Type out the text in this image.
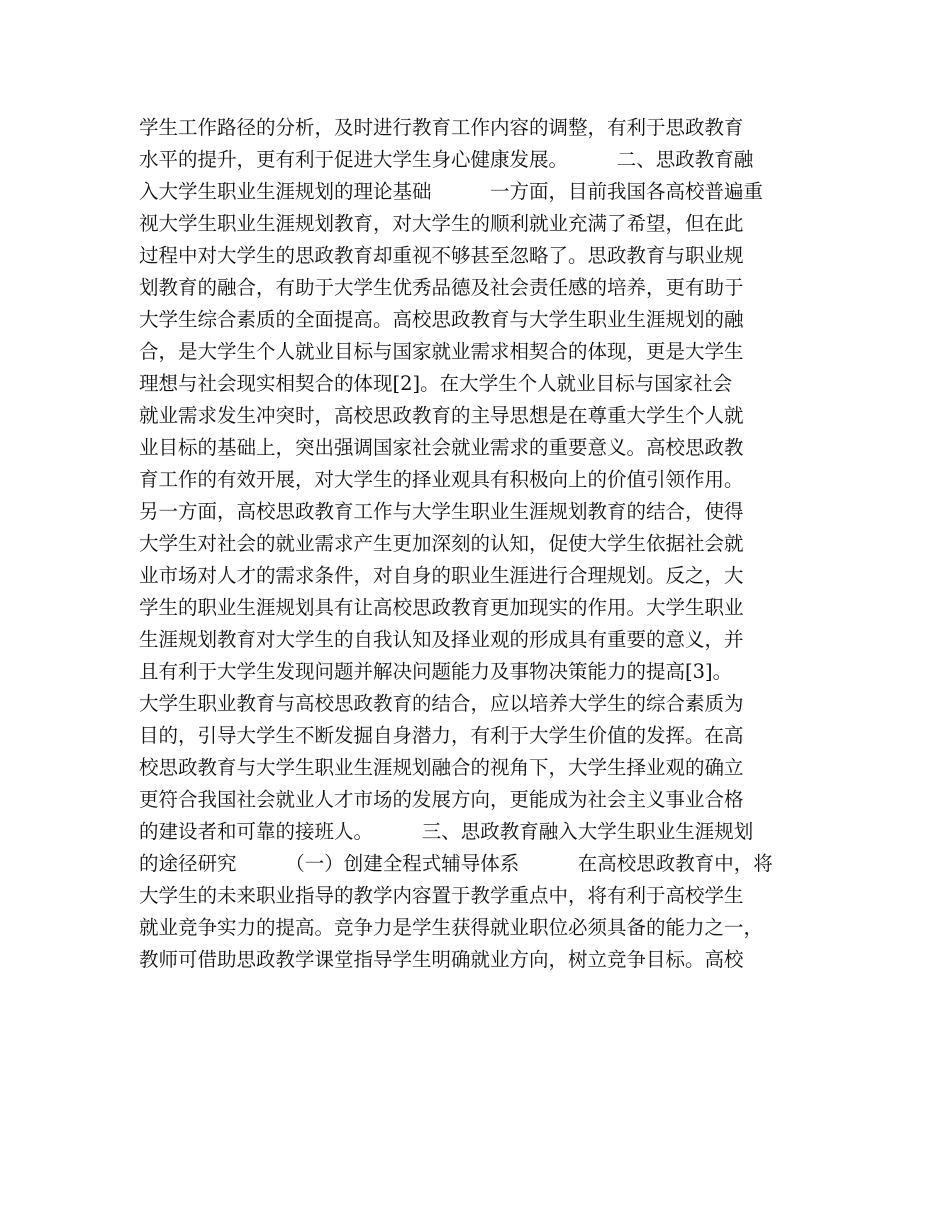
学生工作路径的分析，及时进行教育工作内容的调整，有利于思政教育
水平的提升，更有利于促进大学生身心健康发展。　　　二、思政教育融
入大学生职业生涯规划的理论基础　　　一方面，目前我国各高校普遍重
视大学生职业生涯规划教育，对大学生的顺利就业充满了希望，但在此
过程中对大学生的思政教育却重视不够甚至忽略了。思政教育与职业规
划教育的融合，有助于大学生优秀品德及社会责任感的培养，更有助于
大学生综合素质的全面提高。高校思政教育与大学生职业生涯规划的融
合，是大学生个人就业目标与国家就业需求相契合的体现，更是大学生
理想与社会现实相契合的体现[2]。在大学生个人就业目标与国家社会
就业需求发生冲突时，高校思政教育的主导思想是在尊重大学生个人就
业目标的基础上，突出强调国家社会就业需求的重要意义。高校思政教
育工作的有效开展，对大学生的择业观具有积极向上的价值引领作用。
另一方面，高校思政教育工作与大学生职业生涯规划教育的结合，使得
大学生对社会的就业需求产生更加深刻的认知，促使大学生依据社会就
业市场对人才的需求条件，对自身的职业生涯进行合理规划。反之，大
学生的职业生涯规划具有让高校思政教育更加现实的作用。大学生职业
生涯规划教育对大学生的自我认知及择业观的形成具有重要的意义，并
且有利于大学生发现问题并解决问题能力及事物决策能力的提高[3]。
大学生职业教育与高校思政教育的结合，应以培养大学生的综合素质为
目的，引导大学生不断发掘自身潜力，有利于大学生价值的发挥。在高
校思政教育与大学生职业生涯规划融合的视角下，大学生择业观的确立
更符合我国社会就业人才市场的发展方向，更能成为社会主义事业合格
的建设者和可靠的接班人。　　　三、思政教育融入大学生职业生涯规划
的途径研究　　　（一）创建全程式辅导体系　　　在高校思政教育中，将
大学生的未来职业指导的教学内容置于教学重点中，将有利于高校学生
就业竞争实力的提高。竞争力是学生获得就业职位必须具备的能力之一，
教师可借助思政教学课堂指导学生明确就业方向，树立竞争目标。高校
